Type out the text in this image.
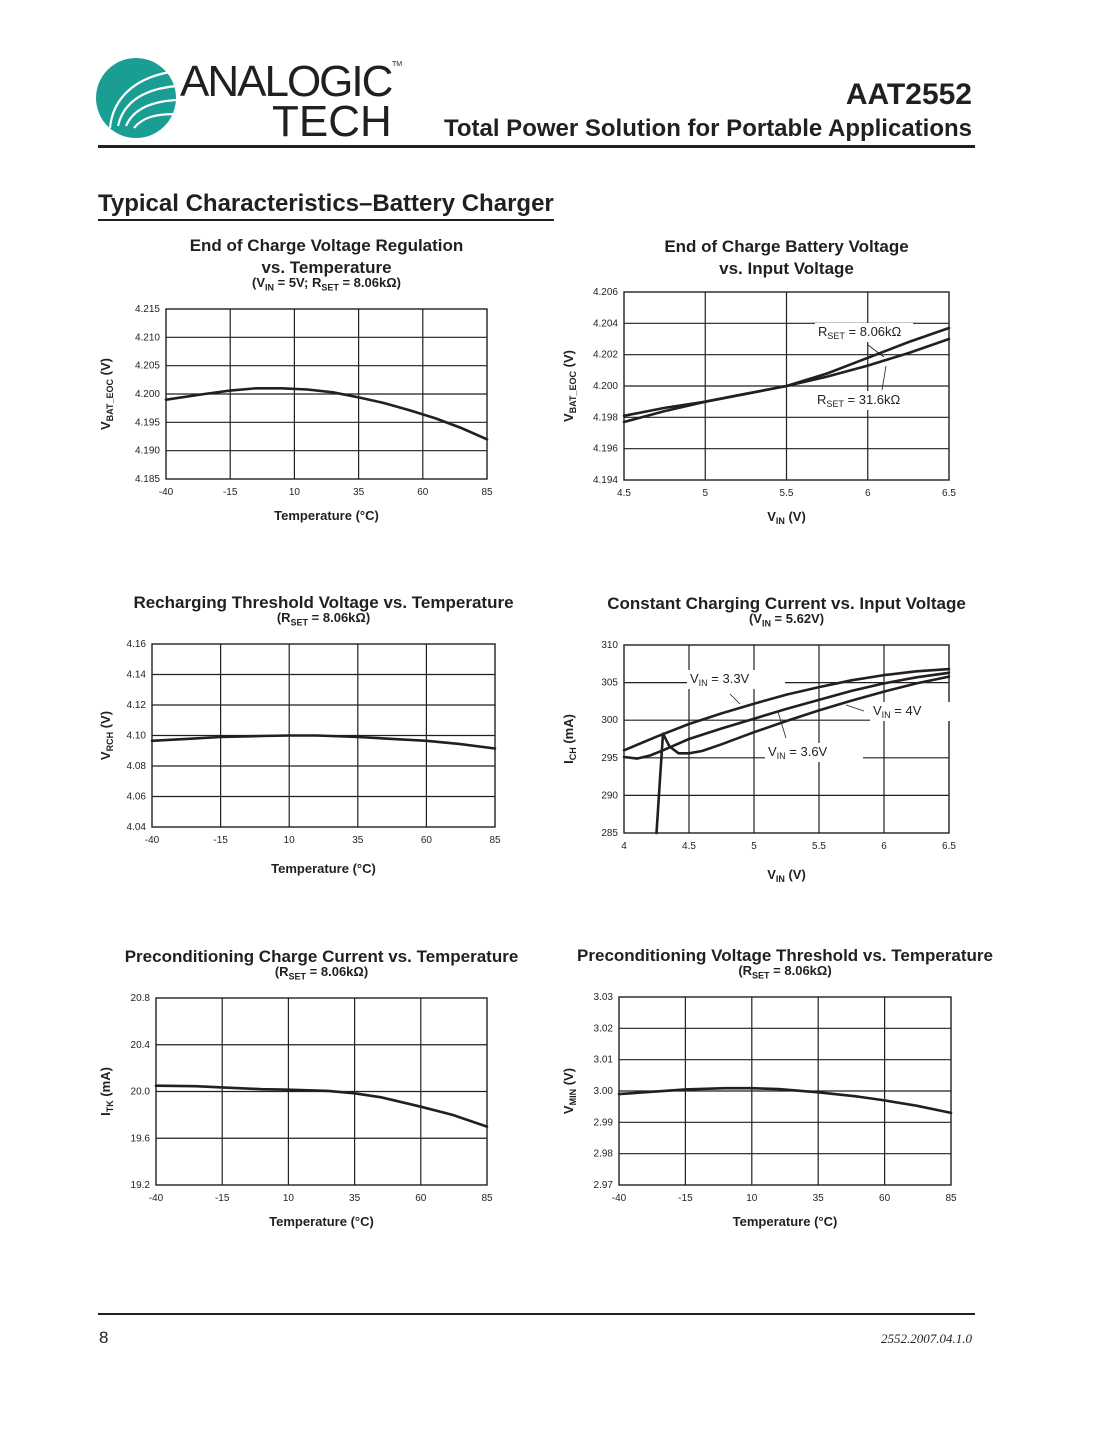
ANALOGIC
TECH
TM
AAT2552
Total Power Solution for Portable Applications
Typical Characteristics–Battery Charger
End of Charge Voltage Regulation
vs. Temperature
($V_{IN} = 5V$; $R_{SET} = 8.06k\Omega$)
-40	-15	10	35	60	85
4.185
4.190
4.195
4.200
4.205
4.210
4.215
Temperature (°C)
$V_{BAT\_EOC}$ (V)
End of Charge Battery Voltage
vs. Input Voltage
$R_{SET} = 8.06k\Omega$
$R_{SET} = 31.6k\Omega$
4.5	5	5.5	6	6.5
4.194
4.196
4.198
4.200
4.202
4.204
4.206
$V_{IN}$ (V)
$V_{BAT\_EOC}$ (V)
Recharging Threshold Voltage vs. Temperature
$(R_{SET} = 8.06k\Omega)$
-40	-15	10	35	60	85
4.04
4.06
4.08
4.10
4.12
4.14
4.16
Temperature (°C)
$V_{RCH}$ (V)
Constant Charging Current vs. Input Voltage
$(V_{IN} = 5.62V)$
$V_{IN} = 3.3V$
$V_{IN} = 4V$
$V_{IN} = 3.6V$
4	4.5	5	5.5	6	6.5
285
290
295
300
305
310
$V_{IN}$ (V)
$I_{CH}$ (mA)
Preconditioning Charge Current vs. Temperature
$(R_{SET} = 8.06k\Omega)$
-40	-15	10	35	60	85
19.2
19.6
20.0
20.4
20.8
Temperature (°C)
$I_{TK}$ (mA)
Preconditioning Voltage Threshold vs. Temperature
$(R_{SET} = 8.06k\Omega)$
-40	-15	10	35	60	85
2.97
2.98
2.99
3.00
3.01
3.02
3.03
Temperature (°C)
$V_{MIN}$ (V)
8	2552.2007.04.1.0
